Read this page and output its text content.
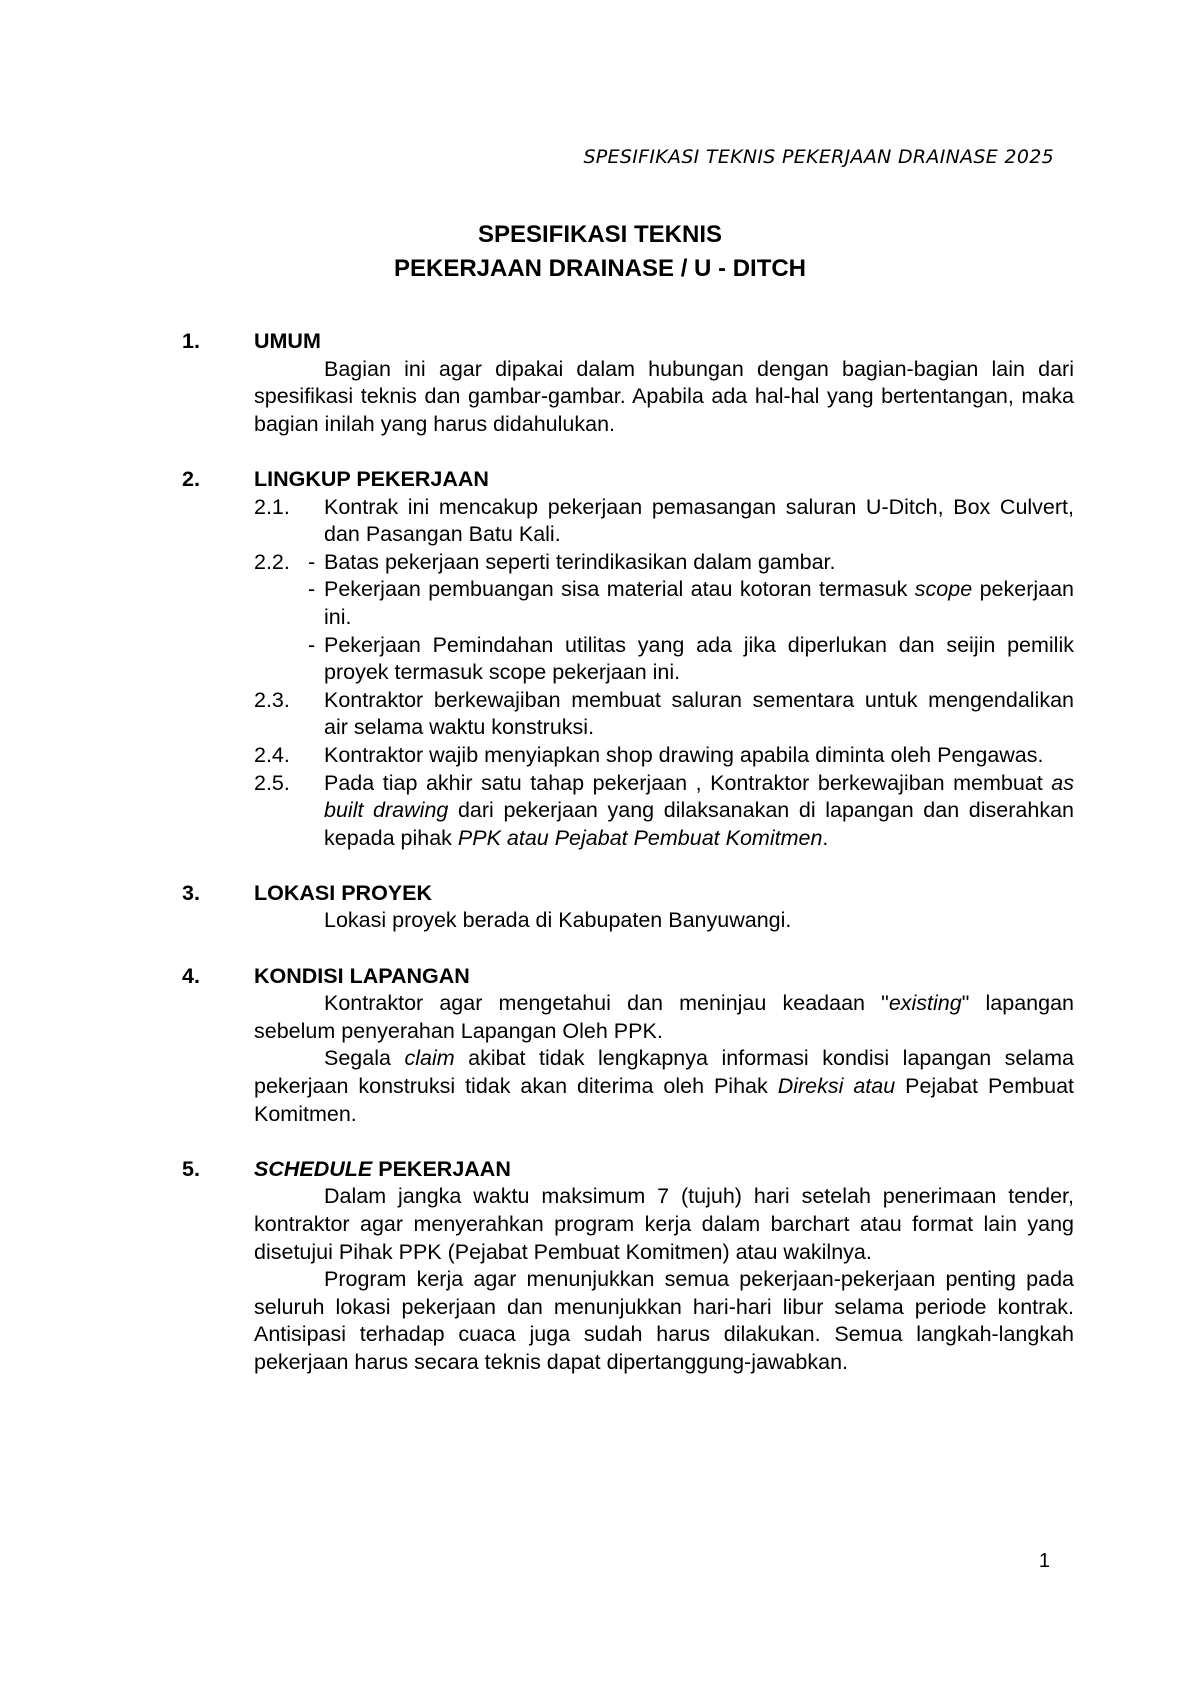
SPESIFIKASI TEKNIS PEKERJAAN DRAINASE 2025
SPESIFIKASI TEKNIS
PEKERJAAN DRAINASE / U - DITCH
1.	UMUM

Bagian ini agar dipakai dalam hubungan dengan bagian-bagian lain dari spesifikasi teknis dan gambar-gambar. Apabila ada hal-hal yang bertentangan, maka bagian inilah yang harus didahulukan.

2.	LINGKUP PEKERJAAN
2.1.	Kontrak ini mencakup pekerjaan pemasangan saluran U-Ditch, Box Culvert, dan Pasangan Batu Kali.
2.2. - Batas pekerjaan seperti terindikasikan dalam gambar.
- Pekerjaan pembuangan sisa material atau kotoran termasuk scope pekerjaan ini.
- Pekerjaan Pemindahan utilitas yang ada jika diperlukan dan seijin pemilik proyek termasuk scope pekerjaan ini.
2.3.	Kontraktor berkewajiban membuat saluran sementara untuk mengendalikan air selama waktu konstruksi.
2.4.	Kontraktor wajib menyiapkan shop drawing apabila diminta oleh Pengawas.
2.5.	Pada tiap akhir satu tahap pekerjaan , Kontraktor berkewajiban membuat as built drawing dari pekerjaan yang dilaksanakan di lapangan dan diserahkan kepada pihak PPK atau Pejabat Pembuat Komitmen.
3.	LOKASI PROYEK

Lokasi proyek berada di Kabupaten Banyuwangi.

4.	KONDISI LAPANGAN

Kontraktor agar mengetahui dan meninjau keadaan "existing" lapangan sebelum penyerahan Lapangan Oleh PPK.

Segala claim akibat tidak lengkapnya informasi kondisi lapangan selama pekerjaan konstruksi tidak akan diterima oleh Pihak Direksi atau Pejabat Pembuat Komitmen.

5.	SCHEDULE PEKERJAAN

Dalam jangka waktu maksimum 7 (tujuh) hari setelah penerimaan tender, kontraktor agar menyerahkan program kerja dalam barchart atau format lain yang disetujui Pihak PPK (Pejabat Pembuat Komitmen) atau wakilnya.

Program kerja agar menunjukkan semua pekerjaan-pekerjaan penting pada seluruh lokasi pekerjaan dan menunjukkan hari-hari libur selama periode kontrak. Antisipasi terhadap cuaca juga sudah harus dilakukan. Semua langkah-langkah pekerjaan harus secara teknis dapat dipertanggung-jawabkan.

1
